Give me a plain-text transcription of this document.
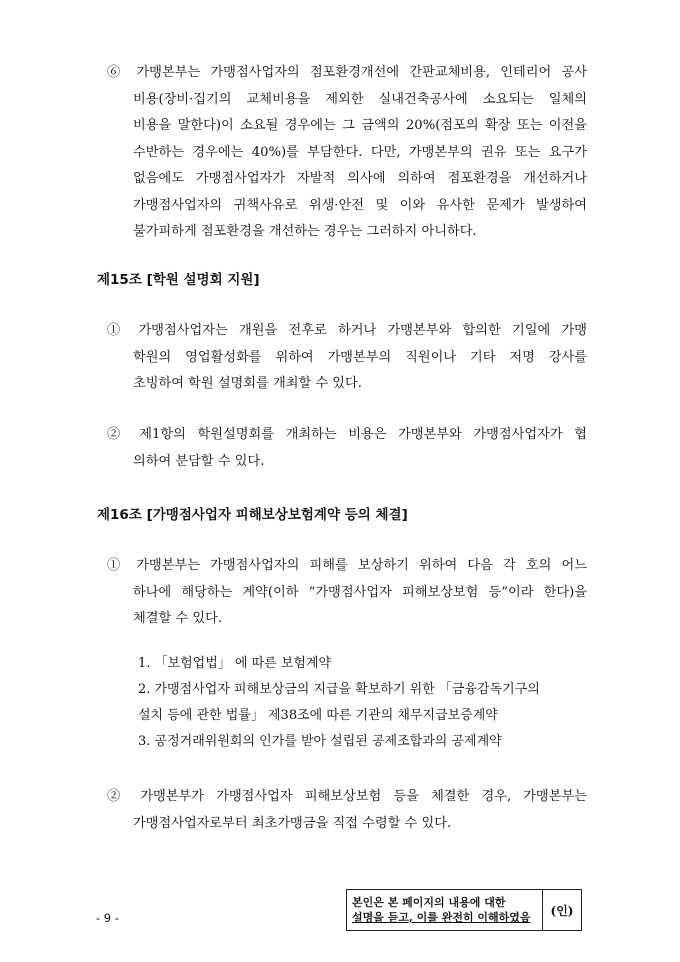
⑥ 가맹본부는 가맹점사업자의 점포환경개선에 간판교체비용, 인테리어 공사
비용(장비·집기의 교체비용을 제외한 실내건축공사에 소요되는 일체의
비용을 말한다)이 소요될 경우에는 그 금액의 20%(점포의 확장 또는 이전을
수반하는 경우에는 40%)를 부담한다. 다만, 가맹본부의 권유 또는 요구가
없음에도 가맹점사업자가 자발적 의사에 의하여 점포환경을 개선하거나
가맹점사업자의 귀책사유로 위생·안전 및 이와 유사한 문제가 발생하여
불가피하게 점포환경을 개선하는 경우는 그러하지 아니하다.
제15조 [학원 설명회 지원]
① 가맹점사업자는 개원을 전후로 하거나 가맹본부와 합의한 기일에 가맹
학원의 영업활성화를 위하여 가맹본부의 직원이나 기타 저명 강사를
초빙하여 학원 설명회를 개최할 수 있다.
② 제1항의 학원설명회를 개최하는 비용은 가맹본부와 가맹점사업자가 협
의하여 분담할 수 있다.
제16조 [가맹점사업자 피해보상보험계약 등의 체결]
① 가맹본부는 가맹점사업자의 피해를 보상하기 위하여 다음 각 호의 어느
하나에 해당하는 계약(이하 “가맹점사업자 피해보상보험 등”이라 한다)을
체결할 수 있다.
1. 「보험업법」 에 따른 보험계약
2. 가맹점사업자 피해보상금의 지급을 확보하기 위한 「금융감독기구의
설치 등에 관한 법률」 제38조에 따른 기관의 채무지급보증계약
3. 공정거래위원회의 인가를 받아 설립된 공제조합과의 공제계약
② 가맹본부가 가맹점사업자 피해보상보험 등을 체결한 경우, 가맹본부는
가맹점사업자로부터 최초가맹금을 직접 수령할 수 있다.
- 9 -
본인은 본 페이지의 내용에 대한
설명을 듣고, 이를 완전히 이해하였음	(인)
